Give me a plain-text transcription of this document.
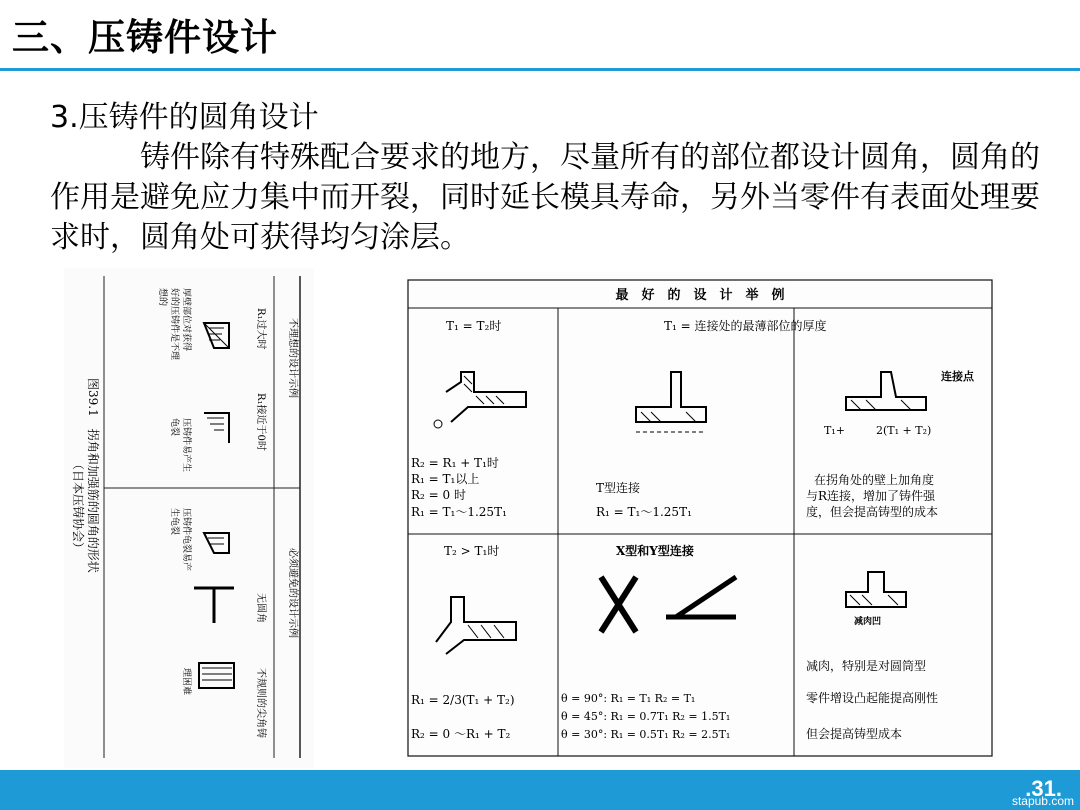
三、压铸件设计
3.压铸件的圆角设计
铸件除有特殊配合要求的地方，尽量所有的部位都设计圆角，圆角的作用是避免应力集中而开裂，同时延长模具寿命，另外当零件有表面处理要求时，圆角处可获得均匀涂层。
不理想的设计示例
必须避免的设计示例
R₁过大时
R₁接近于0时
无圆角
不规则的尖角铸
厚壁部位对获得
好的压铸件是不理
想的
压铸件易产生
龟裂
压铸件龟裂易产
生龟裂
理困难
图39.1　拐角和加强筋的圆角的形状
（日本压铸协会）
最　好　的　设　计　举　例
T₁ = T₂时
R₂ = R₁ + T₁时
R₁ = T₁以上
R₂ = 0 时
R₁ = T₁～1.25T₁
T₁ = 连接处的最薄部位的厚度
T型连接
R₁ = T₁～1.25T₁
连接点
T₁+	2(T₁ + T₂)
在拐角处的壁上加角度
与R连接，增加了铸件强
度，但会提高铸型的成本
T₂ > T₁时
R₁ = 2/3(T₁ + T₂)
R₂ = 0 ～R₁ + T₂
X型和Y型连接
θ = 90°: R₁ = T₁ R₂ = T₁
θ = 45°: R₁ = 0.7T₁ R₂ = 1.5T₁
θ = 30°: R₁ = 0.5T₁ R₂ = 2.5T₁
减肉凹
减肉，特别是对圆筒型
零件增设凸起能提高刚性
但会提高铸型成本
.31.
stapub.com
